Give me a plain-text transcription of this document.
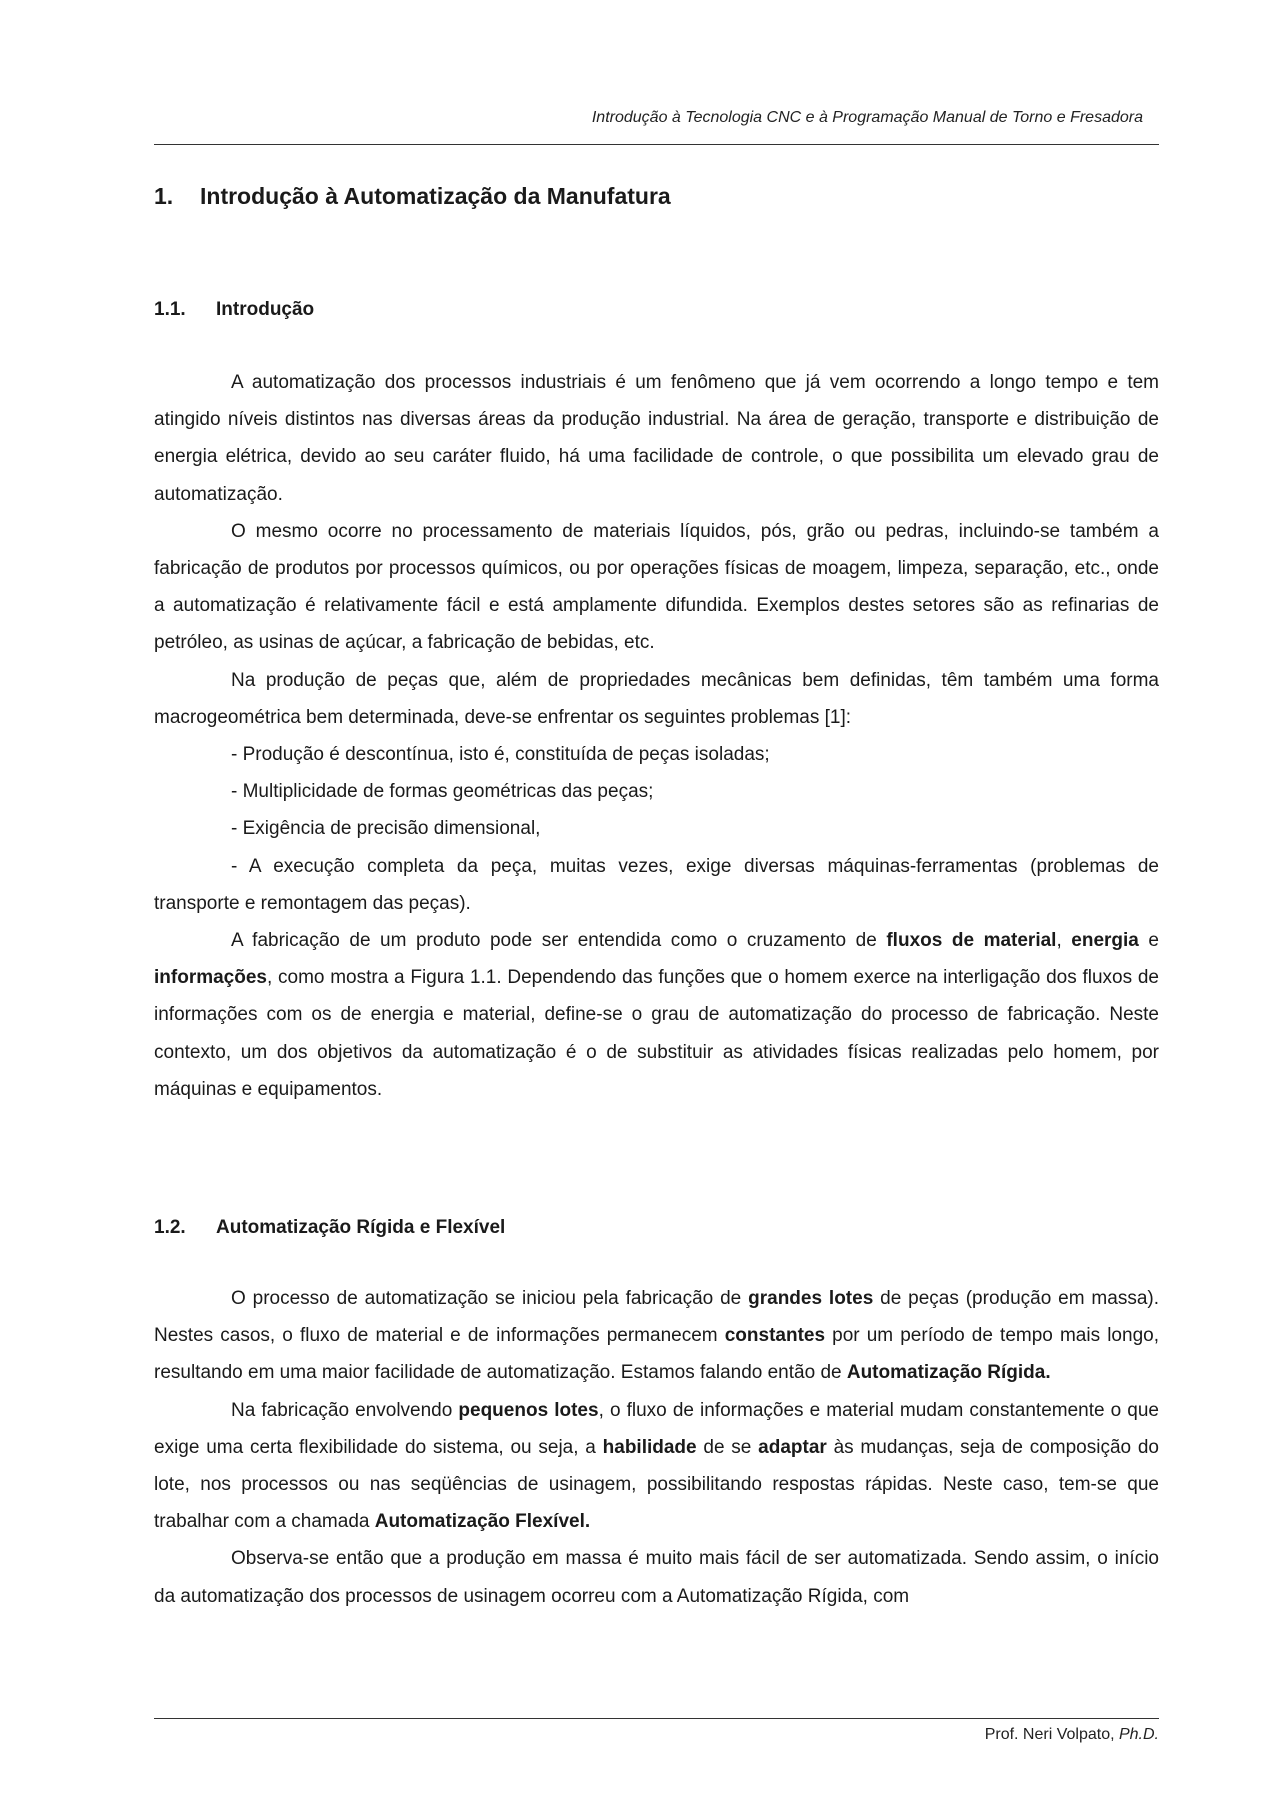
Introdução à Tecnologia CNC e à Programação Manual de Torno e Fresadora
1. Introdução à Automatização da Manufatura
1.1. Introdução

A automatização dos processos industriais é um fenômeno que já vem ocorrendo a longo tempo e tem atingido níveis distintos nas diversas áreas da produção industrial. Na área de geração, transporte e distribuição de energia elétrica, devido ao seu caráter fluido, há uma facilidade de controle, o que possibilita um elevado grau de automatização.

O mesmo ocorre no processamento de materiais líquidos, pós, grão ou pedras, incluindo-se também a fabricação de produtos por processos químicos, ou por operações físicas de moagem, limpeza, separação, etc., onde a automatização é relativamente fácil e está amplamente difundida. Exemplos destes setores são as refinarias de petróleo, as usinas de açúcar, a fabricação de bebidas, etc.

Na produção de peças que, além de propriedades mecânicas bem definidas, têm também uma forma macrogeométrica bem determinada, deve-se enfrentar os seguintes problemas [1]:

- Produção é descontínua, isto é, constituída de peças isoladas;

- Multiplicidade de formas geométricas das peças;

- Exigência de precisão dimensional,

- A execução completa da peça, muitas vezes, exige diversas máquinas-ferramentas (problemas de transporte e remontagem das peças).

A fabricação de um produto pode ser entendida como o cruzamento de fluxos de material, energia e informações, como mostra a Figura 1.1. Dependendo das funções que o homem exerce na interligação dos fluxos de informações com os de energia e material, define-se o grau de automatização do processo de fabricação. Neste contexto, um dos objetivos da automatização é o de substituir as atividades físicas realizadas pelo homem, por máquinas e equipamentos.

1.2. Automatização Rígida e Flexível

O processo de automatização se iniciou pela fabricação de grandes lotes de peças (produção em massa). Nestes casos, o fluxo de material e de informações permanecem constantes por um período de tempo mais longo, resultando em uma maior facilidade de automatização. Estamos falando então de Automatização Rígida.

Na fabricação envolvendo pequenos lotes, o fluxo de informações e material mudam constantemente o que exige uma certa flexibilidade do sistema, ou seja, a habilidade de se adaptar às mudanças, seja de composição do lote, nos processos ou nas seqüências de usinagem, possibilitando respostas rápidas. Neste caso, tem-se que trabalhar com a chamada Automatização Flexível.

Observa-se então que a produção em massa é muito mais fácil de ser automatizada. Sendo assim, o início da automatização dos processos de usinagem ocorreu com a Automatização Rígida, com

Prof. Neri Volpato, Ph.D.
